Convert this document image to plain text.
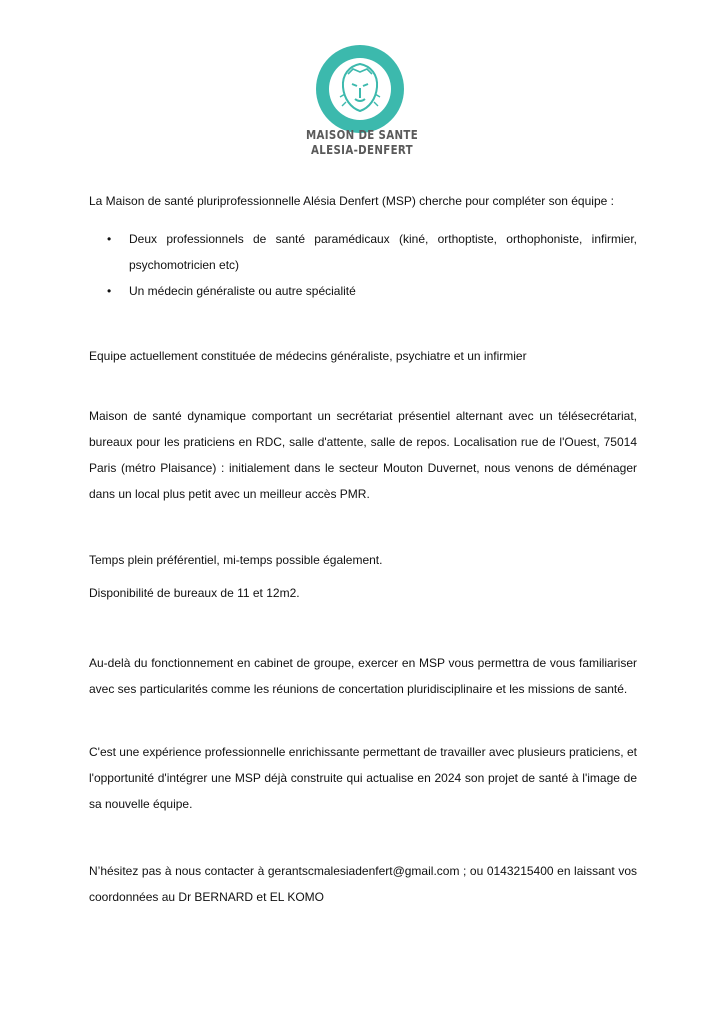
MAISON DE SANTE
ALESIA-DENFERT

La Maison de santé pluriprofessionnelle Alésia Denfert (MSP) cherche pour compléter son équipe :

• Deux professionnels de santé paramédicaux (kiné, orthoptiste, orthophoniste, infirmier, psychomotricien etc)
• Un médecin généraliste ou autre spécialité

Equipe actuellement constituée de médecins généraliste, psychiatre et un infirmier

Maison de santé dynamique comportant un secrétariat présentiel alternant avec un télésecrétariat, bureaux pour les praticiens en RDC, salle d'attente, salle de repos. Localisation rue de l'Ouest, 75014 Paris (métro Plaisance) : initialement dans le secteur Mouton Duvernet, nous venons de déménager dans un local plus petit avec un meilleur accès PMR.

Temps plein préférentiel, mi-temps possible également.

Disponibilité de bureaux de 11 et 12m2.

Au-delà du fonctionnement en cabinet de groupe, exercer en MSP vous permettra de vous familiariser avec ses particularités comme les réunions de concertation pluridisciplinaire et les missions de santé.

C'est une expérience professionnelle enrichissante permettant de travailler avec plusieurs praticiens, et l'opportunité d'intégrer une MSP déjà construite qui actualise en 2024 son projet de santé à l'image de sa nouvelle équipe.

N’hésitez pas à nous contacter à gerantscmalesiadenfert@gmail.com ; ou 0143215400 en laissant vos coordonnées au Dr BERNARD et EL KOMO
